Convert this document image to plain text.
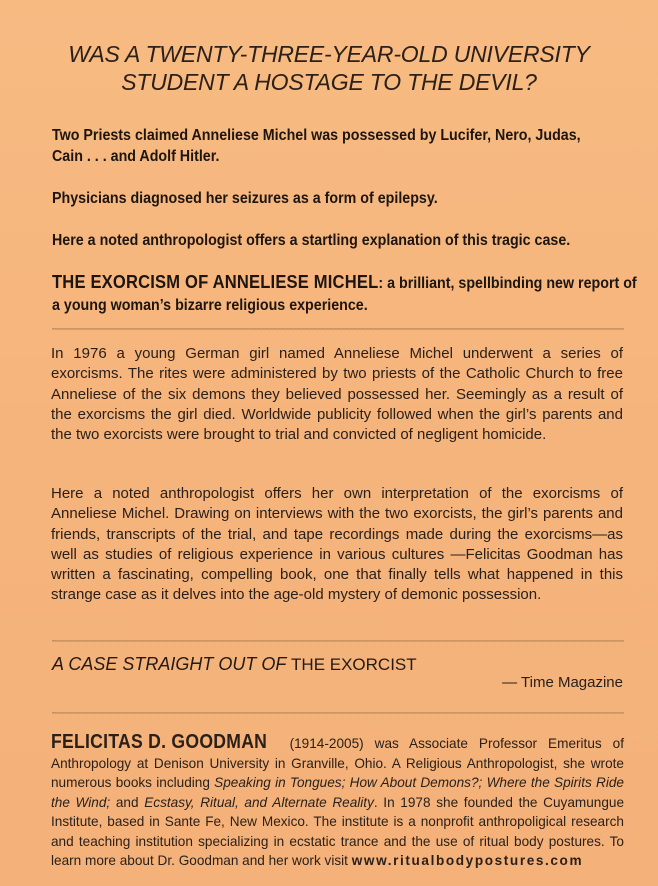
WAS A TWENTY-THREE-YEAR-OLD UNIVERSITY
STUDENT A HOSTAGE TO THE DEVIL?
Two Priests claimed Anneliese Michel was possessed by Lucifer, Nero, Judas,
Cain . . . and Adolf Hitler.
Physicians diagnosed her seizures as a form of epilepsy.
Here a noted anthropologist offers a startling explanation of this tragic case.
THE EXORCISM OF ANNELIESE MICHEL: a brilliant, spellbinding new report of
a young woman’s bizarre religious experience.
In 1976 a young German girl named Anneliese Michel underwent a series of exorcisms. The rites were administered by two priests of the Catholic Church to free Anneliese of the six demons they believed possessed her. Seemingly as a result of the exorcisms the girl died. Worldwide publicity followed when the girl’s parents and the two exorcists were brought to trial and convicted of negligent homicide.
Here a noted anthropologist offers her own interpretation of the exorcisms of Anneliese Michel. Drawing on interviews with the two exorcists, the girl’s parents and friends, transcripts of the trial, and tape recordings made during the exorcisms—as well as studies of religious experience in various cultures —Felicitas Goodman has written a fascinating, compelling book, one that finally tells what happened in this strange case as it delves into the age-old mystery of demonic possession.
A CASE STRAIGHT OUT OF THE EXORCIST
— Time Magazine
FELICITAS D. GOODMAN (1914-2005) was Associate Professor Emeritus of Anthropology at Denison University in Granville, Ohio. A Religious Anthropologist, she wrote numerous books including Speaking in Tongues; How About Demons?; Where the Spirits Ride the Wind; and Ecstasy, Ritual, and Alternate Reality. In 1978 she founded the Cuyamungue Institute, based in Sante Fe, New Mexico. The institute is a nonprofit anthropoligical research and teaching institution specializing in ecstatic trance and the use of ritual body postures. To learn more about Dr. Goodman and her work visit www.ritualbodypostures.com
